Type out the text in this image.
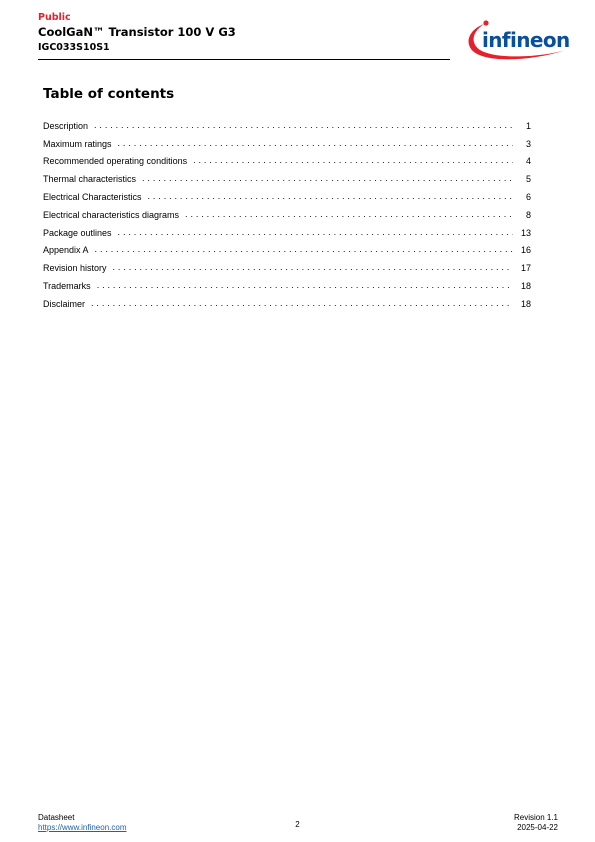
Public
CoolGaN™ Transistor 100 V G3
IGC033S10S1	infineon
Table of contents
Description . . .	1
Maximum ratings . . .	3
Recommended operating conditions . . .	4
Thermal characteristics . . .	5
Electrical Characteristics . . .	6
Electrical characteristics diagrams . . .	8
Package outlines . . .	13
Appendix A . . .	16
Revision history . . .	17
Trademarks . . .	18
Disclaimer . . .	18
Datasheet
https://www.infineon.com	2
Revision 1.1
2025-04-22
